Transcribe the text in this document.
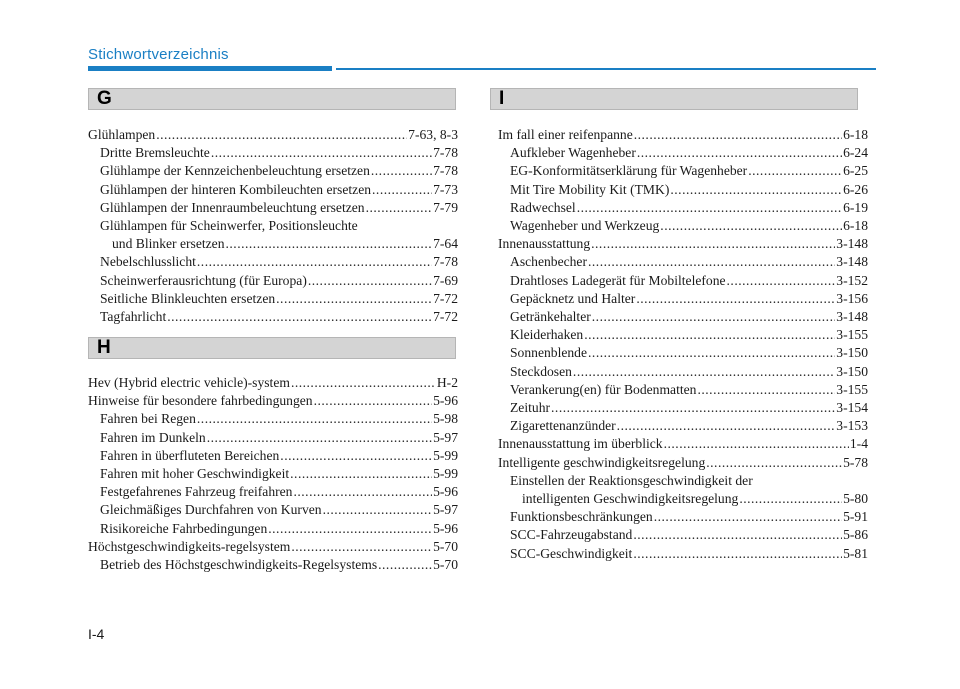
Stichwortverzeichnis
G
Glühlampen .....	7-63, 8-3
Dritte Bremsleuchte .....	7-78
Glühlampe der Kennzeichenbeleuchtung ersetzen .....	7-78
Glühlampen der hinteren Kombileuchten ersetzen .....	7-73
Glühlampen der Innenraumbeleuchtung ersetzen .....	7-79
Glühlampen für Scheinwerfer, Positionsleuchte
und Blinker ersetzen .....	7-64
Nebelschlusslicht .....	7-78
Scheinwerferausrichtung (für Europa) .....	7-69
Seitliche Blinkleuchten ersetzen .....	7-72
Tagfahrlicht .....	7-72
H
Hev (Hybrid electric vehicle)-system .....	H-2
Hinweise für besondere fahrbedingungen .....	5-96
Fahren bei Regen .....	5-98
Fahren im Dunkeln .....	5-97
Fahren in überfluteten Bereichen .....	5-99
Fahren mit hoher Geschwindigkeit .....	5-99
Festgefahrenes Fahrzeug freifahren .....	5-96
Gleichmäßiges Durchfahren von Kurven .....	5-97
Risikoreiche Fahrbedingungen .....	5-96
Höchstgeschwindigkeits-regelsystem .....	5-70
Betrieb des Höchstgeschwindigkeits-Regelsystems .....	5-70
I
Im fall einer reifenpanne .....	6-18
Aufkleber Wagenheber .....	6-24
EG-Konformitätserklärung für Wagenheber .....	6-25
Mit Tire Mobility Kit (TMK) .....	6-26
Radwechsel .....	6-19
Wagenheber und Werkzeug .....	6-18
Innenausstattung .....	3-148
Aschenbecher .....	3-148
Drahtloses Ladegerät für Mobiltelefone .....	3-152
Gepäcknetz und Halter .....	3-156
Getränkehalter .....	3-148
Kleiderhaken .....	3-155
Sonnenblende .....	3-150
Steckdosen .....	3-150
Verankerung(en) für Bodenmatten .....	3-155
Zeituhr .....	3-154
Zigarettenanzünder .....	3-153
Innenausstattung im überblick .....	1-4
Intelligente geschwindigkeitsregelung .....	5-78
Einstellen der Reaktionsgeschwindigkeit der
intelligenten Geschwindigkeitsregelung .....	5-80
Funktionsbeschränkungen .....	5-91
SCC-Fahrzeugabstand .....	5-86
SCC-Geschwindigkeit .....	5-81
I-4
